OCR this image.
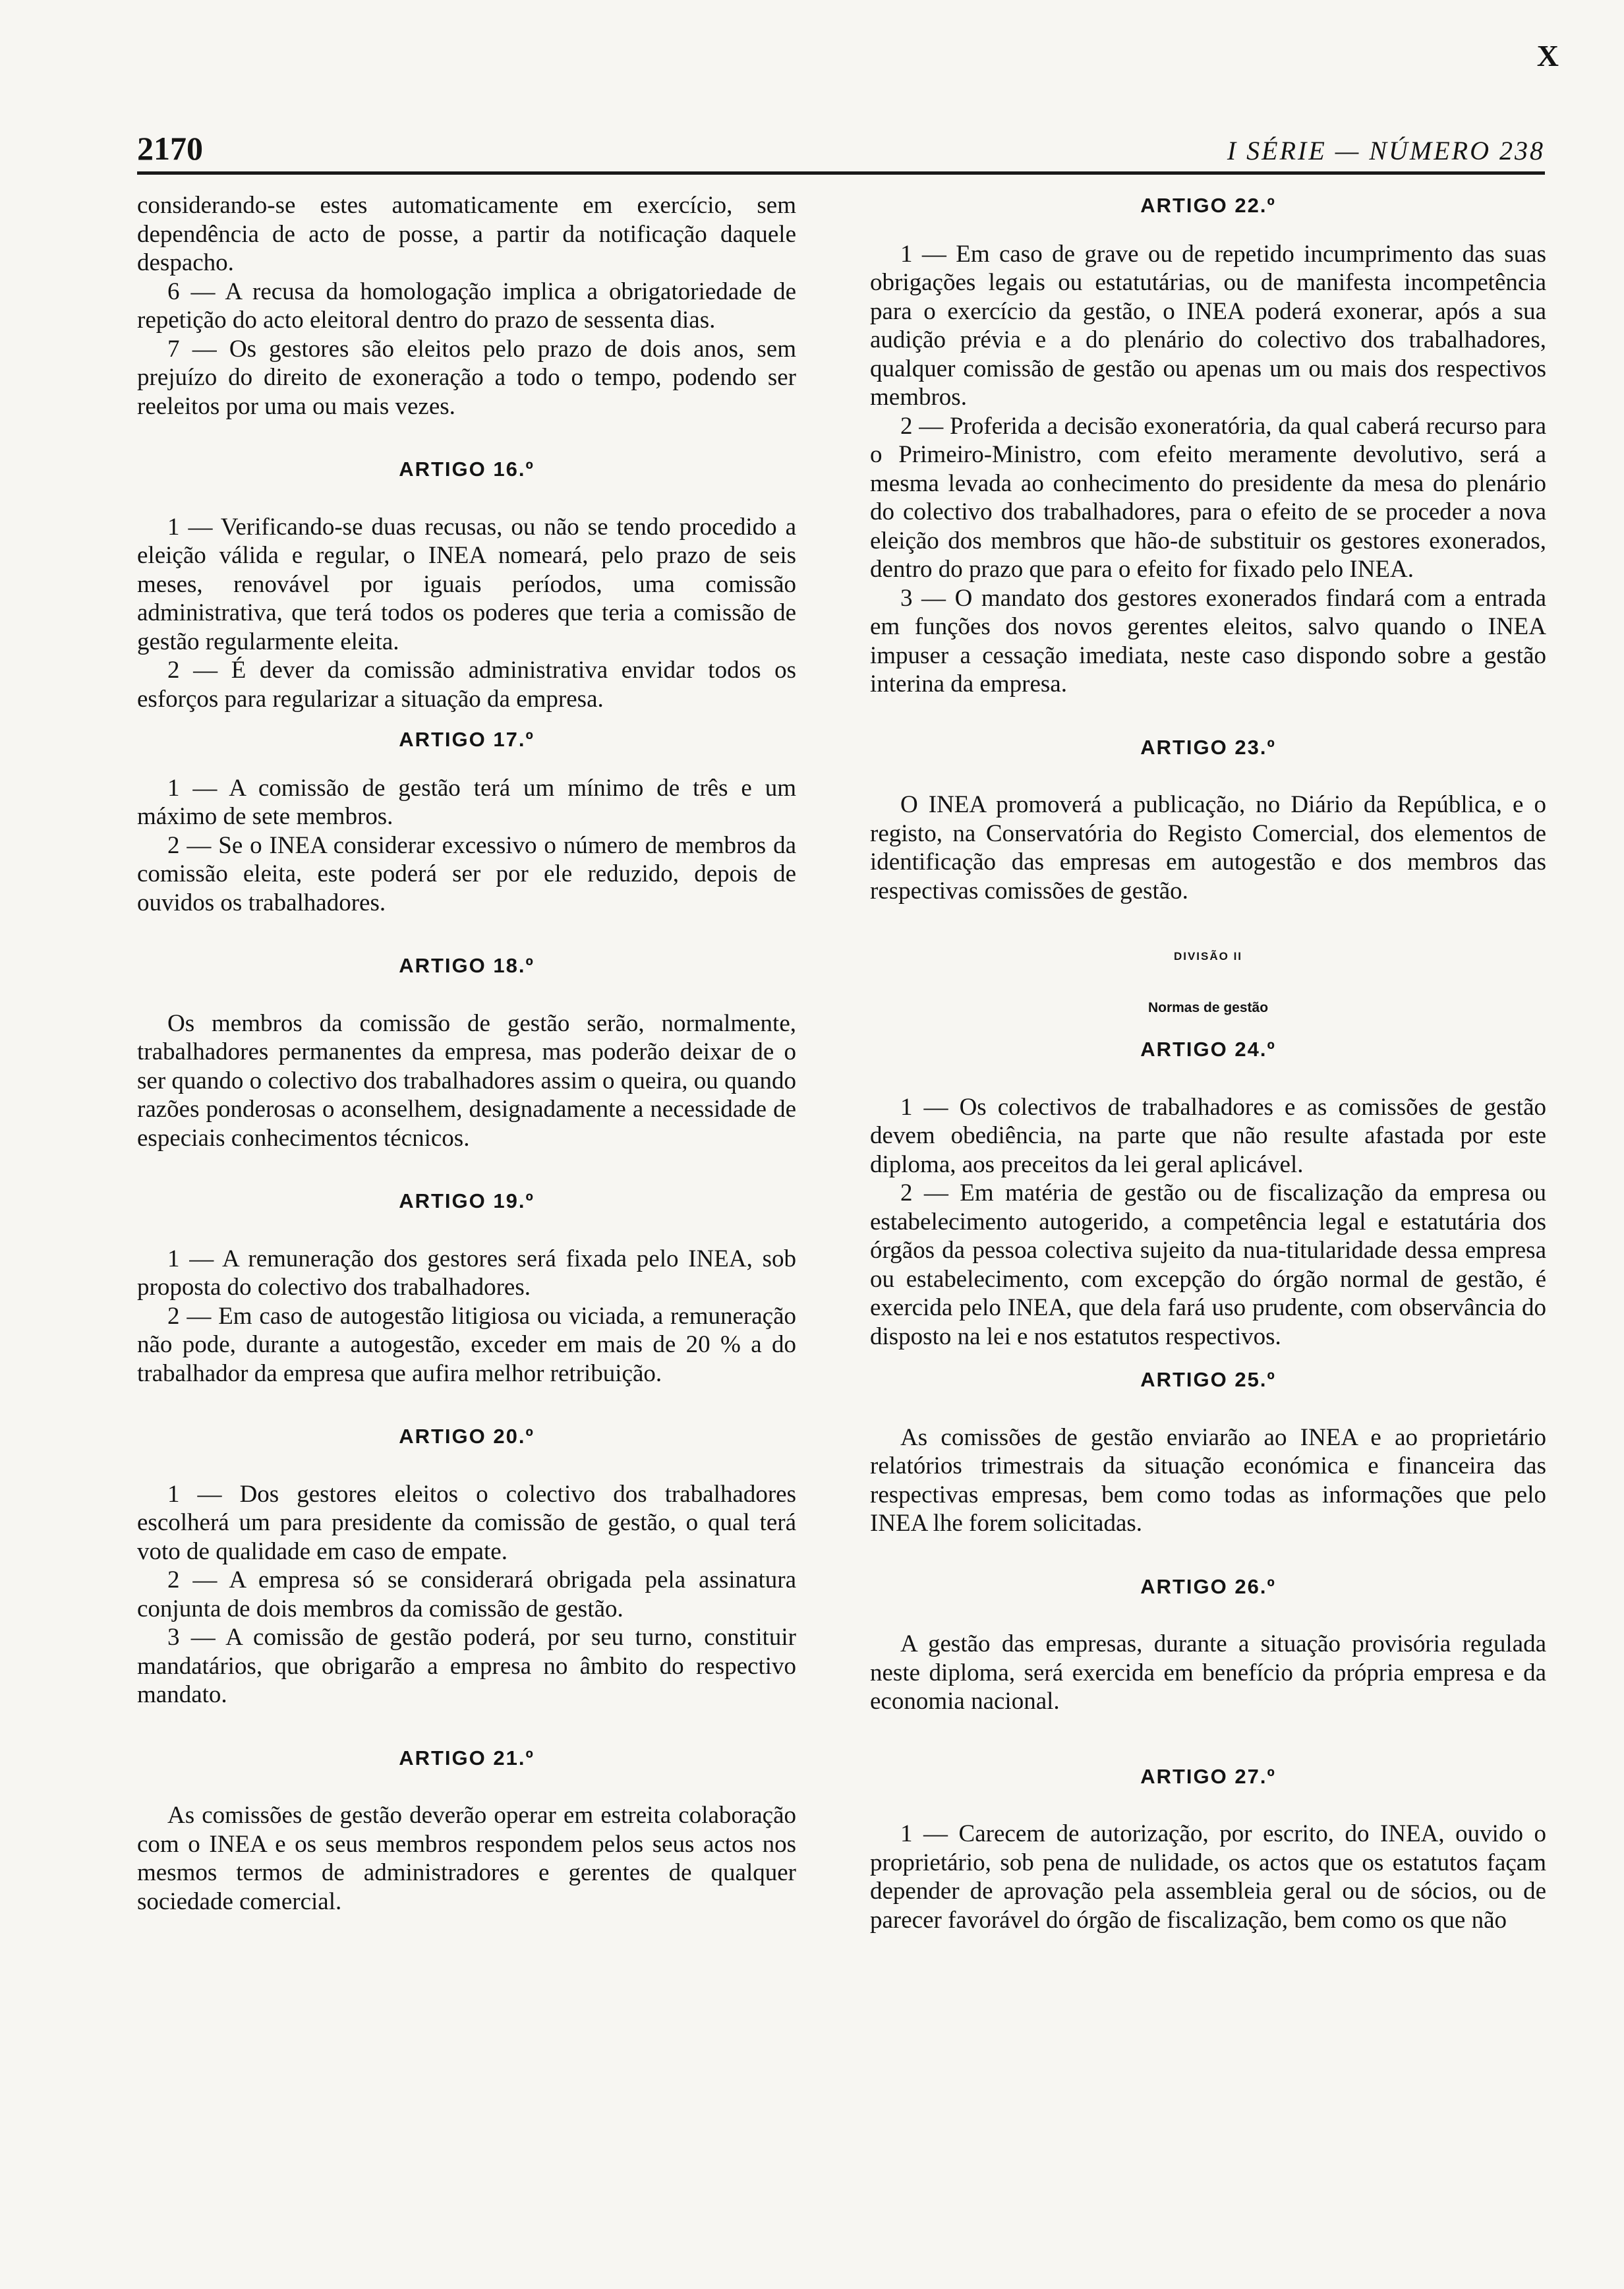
X
2170	I SÉRIE — NÚMERO 238

considerando-se estes automaticamente em exercício, sem dependência de acto de posse, a partir da notificação daquele despacho.

6 — A recusa da homologação implica a obrigatoriedade de repetição do acto eleitoral dentro do prazo de sessenta dias.

7 — Os gestores são eleitos pelo prazo de dois anos, sem prejuízo do direito de exoneração a todo o tempo, podendo ser reeleitos por uma ou mais vezes.

ARTIGO 16.º

1 — Verificando-se duas recusas, ou não se tendo procedido a eleição válida e regular, o INEA nomeará, pelo prazo de seis meses, renovável por iguais períodos, uma comissão administrativa, que terá todos os poderes que teria a comissão de gestão regularmente eleita.

2 — É dever da comissão administrativa envidar todos os esforços para regularizar a situação da empresa.

ARTIGO 17.º

1 — A comissão de gestão terá um mínimo de três e um máximo de sete membros.

2 — Se o INEA considerar excessivo o número de membros da comissão eleita, este poderá ser por ele reduzido, depois de ouvidos os trabalhadores.

ARTIGO 18.º

Os membros da comissão de gestão serão, normalmente, trabalhadores permanentes da empresa, mas poderão deixar de o ser quando o colectivo dos trabalhadores assim o queira, ou quando razões ponderosas o aconselhem, designadamente a necessidade de especiais conhecimentos técnicos.

ARTIGO 19.º

1 — A remuneração dos gestores será fixada pelo INEA, sob proposta do colectivo dos trabalhadores.

2 — Em caso de autogestão litigiosa ou viciada, a remuneração não pode, durante a autogestão, exceder em mais de 20 % a do trabalhador da empresa que aufira melhor retribuição.

ARTIGO 20.º

1 — Dos gestores eleitos o colectivo dos trabalhadores escolherá um para presidente da comissão de gestão, o qual terá voto de qualidade em caso de empate.

2 — A empresa só se considerará obrigada pela assinatura conjunta de dois membros da comissão de gestão.

3 — A comissão de gestão poderá, por seu turno, constituir mandatários, que obrigarão a empresa no âmbito do respectivo mandato.

ARTIGO 21.º

As comissões de gestão deverão operar em estreita colaboração com o INEA e os seus membros respondem pelos seus actos nos mesmos termos de administradores e gerentes de qualquer sociedade comercial.

ARTIGO 22.º

1 — Em caso de grave ou de repetido incumprimento das suas obrigações legais ou estatutárias, ou de manifesta incompetência para o exercício da gestão, o INEA poderá exonerar, após a sua audição prévia e a do plenário do colectivo dos trabalhadores, qualquer comissão de gestão ou apenas um ou mais dos respectivos membros.

2 — Proferida a decisão exoneratória, da qual caberá recurso para o Primeiro-Ministro, com efeito meramente devolutivo, será a mesma levada ao conhecimento do presidente da mesa do plenário do colectivo dos trabalhadores, para o efeito de se proceder a nova eleição dos membros que hão-de substituir os gestores exonerados, dentro do prazo que para o efeito for fixado pelo INEA.

3 — O mandato dos gestores exonerados findará com a entrada em funções dos novos gerentes eleitos, salvo quando o INEA impuser a cessação imediata, neste caso dispondo sobre a gestão interina da empresa.

ARTIGO 23.º

O INEA promoverá a publicação, no Diário da República, e o registo, na Conservatória do Registo Comercial, dos elementos de identificação das empresas em autogestão e dos membros das respectivas comissões de gestão.

DIVISÃO II
Normas de gestão
ARTIGO 24.º

1 — Os colectivos de trabalhadores e as comissões de gestão devem obediência, na parte que não resulte afastada por este diploma, aos preceitos da lei geral aplicável.

2 — Em matéria de gestão ou de fiscalização da empresa ou estabelecimento autogerido, a competência legal e estatutária dos órgãos da pessoa colectiva sujeito da nua-titularidade dessa empresa ou estabelecimento, com excepção do órgão normal de gestão, é exercida pelo INEA, que dela fará uso prudente, com observância do disposto na lei e nos estatutos respectivos.

ARTIGO 25.º

As comissões de gestão enviarão ao INEA e ao proprietário relatórios trimestrais da situação económica e financeira das respectivas empresas, bem como todas as informações que pelo INEA lhe forem solicitadas.

ARTIGO 26.º

A gestão das empresas, durante a situação provisória regulada neste diploma, será exercida em benefício da própria empresa e da economia nacional.

ARTIGO 27.º

1 — Carecem de autorização, por escrito, do INEA, ouvido o proprietário, sob pena de nulidade, os actos que os estatutos façam depender de aprovação pela assembleia geral ou de sócios, ou de parecer favorável do órgão de fiscalização, bem como os que não
